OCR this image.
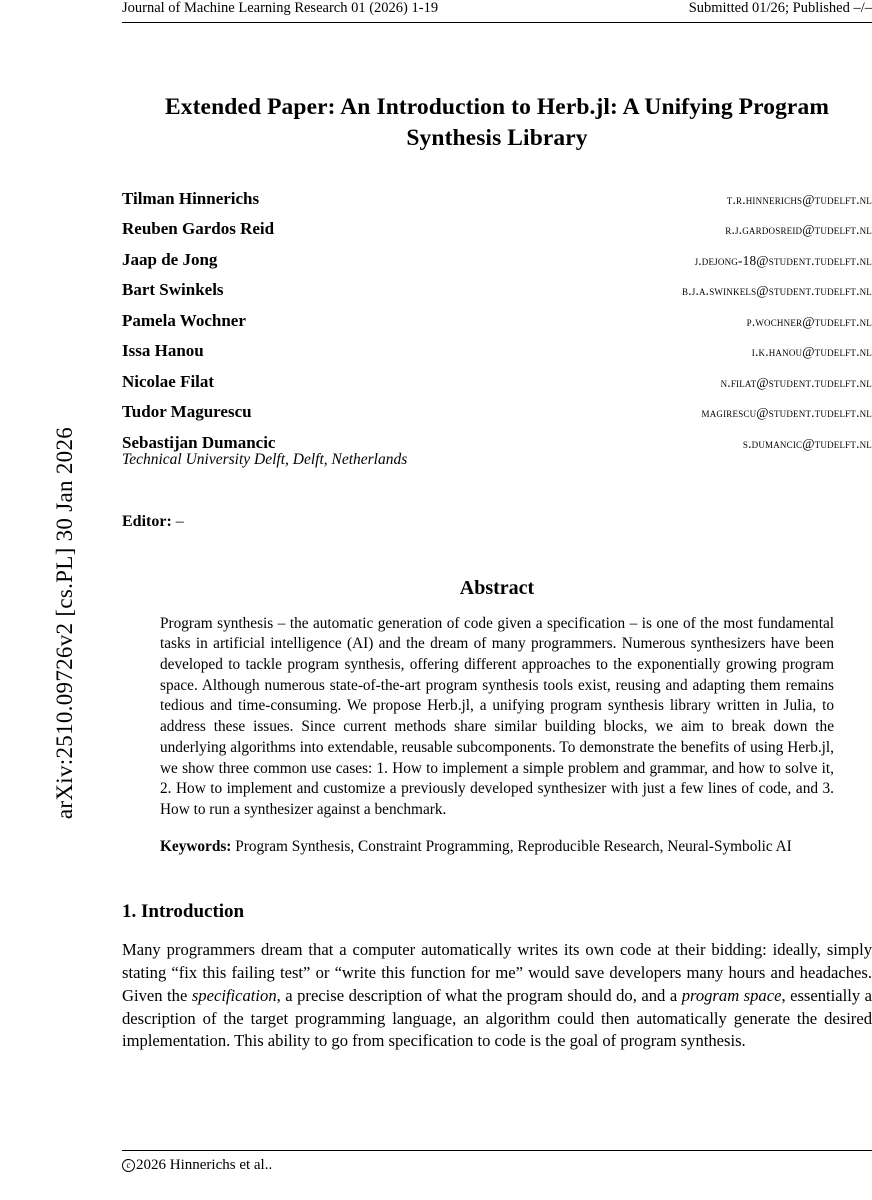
arXiv:2510.09726v2 [cs.PL] 30 Jan 2026
Journal of Machine Learning Research 01 (2026) 1-19	Submitted 01/26; Published –/–
Extended Paper: An Introduction to Herb.jl: A Unifying Program Synthesis Library
Tilman Hinnerichs	t.r.hinnerichs@tudelft.nl
Reuben Gardos Reid	r.j.gardosreid@tudelft.nl
Jaap de Jong	j.dejong-18@student.tudelft.nl
Bart Swinkels	b.j.a.swinkels@student.tudelft.nl
Pamela Wochner	p.wochner@tudelft.nl
Issa Hanou	i.k.hanou@tudelft.nl
Nicolae Filat	n.filat@student.tudelft.nl
Tudor Magurescu	magirescu@student.tudelft.nl
Sebastijan Dumancic	s.dumancic@tudelft.nl
Technical University Delft, Delft, Netherlands
Editor: –
Abstract
Program synthesis – the automatic generation of code given a specification – is one of the most fundamental tasks in artificial intelligence (AI) and the dream of many programmers. Numerous synthesizers have been developed to tackle program synthesis, offering different approaches to the exponentially growing program space. Although numerous state-of-the-art program synthesis tools exist, reusing and adapting them remains tedious and time-consuming. We propose Herb.jl, a unifying program synthesis library written in Julia, to address these issues. Since current methods share similar building blocks, we aim to break down the underlying algorithms into extendable, reusable subcomponents. To demonstrate the benefits of using Herb.jl, we show three common use cases: 1. How to implement a simple problem and grammar, and how to solve it, 2. How to implement and customize a previously developed synthesizer with just a few lines of code, and 3. How to run a synthesizer against a benchmark.
Keywords: Program Synthesis, Constraint Programming, Reproducible Research, Neural-Symbolic AI
1. Introduction
Many programmers dream that a computer automatically writes its own code at their bidding: ideally, simply stating “fix this failing test” or “write this function for me” would save developers many hours and headaches. Given the specification, a precise description of what the program should do, and a program space, essentially a description of the target programming language, an algorithm could then automatically generate the desired implementation. This ability to go from specification to code is the goal of program synthesis.
c 2026 Hinnerichs et al..
